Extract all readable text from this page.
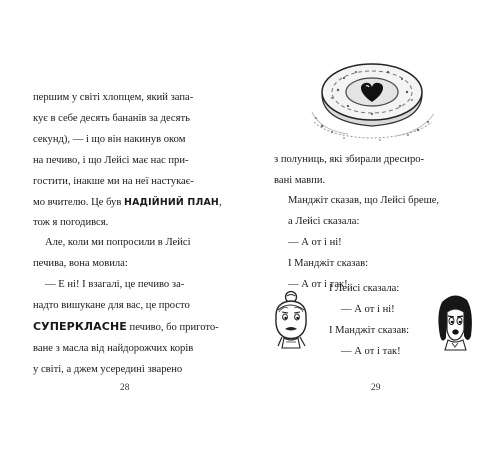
першим у світі хлопцем, який запа-
кує в себе десять бананів за десять
секунд), — і що він накинув оком
на печиво, і що Лейсі має нас при-
гостити, інакше ми на неї настукає-
мо вчителю. Це був НАДІЙНИЙ ПЛАН,
тож я погодився.
Але, коли ми попросили в Лейсі
печива, вона мовила:
— Е ні! І взагалі, це печиво за-
надто вишукане для вас, це просто
СУПЕРКЛАСНЕ печиво, бо пригото-
ване з масла від найдорожчих корів
у світі, а джем усередині зварено
28
з полуниць, які збирали дресиро-
вані мавпи.
Манджіт сказав, що Лейсі бреше,
а Лейсі сказала:
— А от і ні!
І Манджіт сказав:
— А от і так!
І Лейсі сказала:
— А от і ні!
І Манджіт сказав:
— А от і так!
29
